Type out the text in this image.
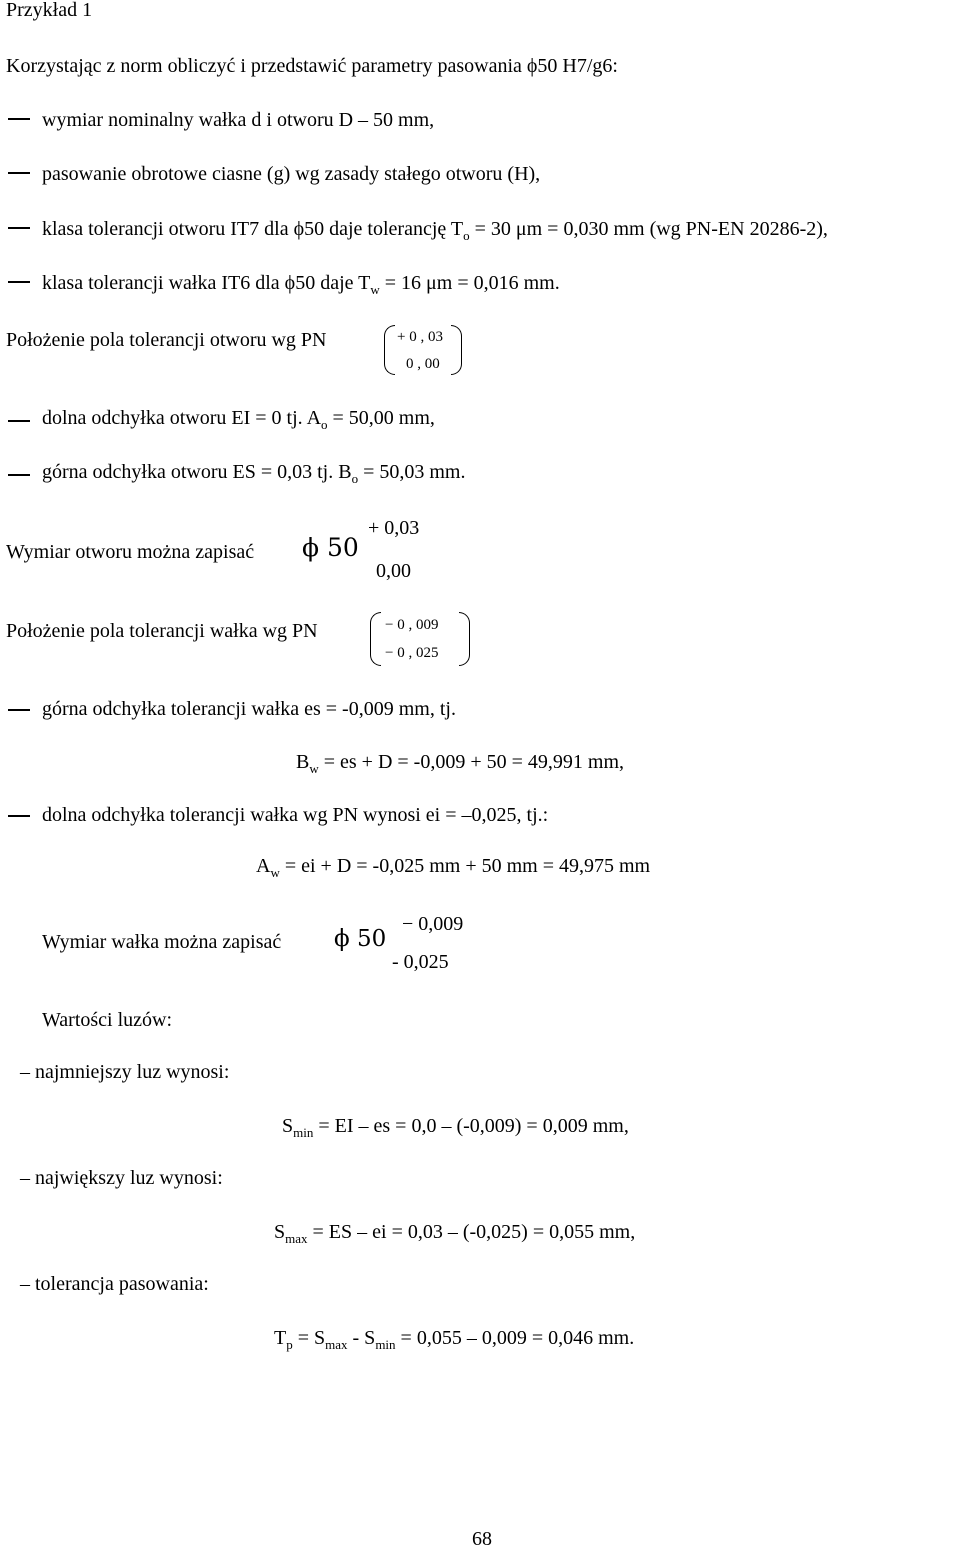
Przykład 1
Korzystając z norm obliczyć i przedstawić parametry pasowania ϕ50 H7/g6:
wymiar nominalny wałka d i otworu D – 50 mm,
pasowanie obrotowe ciasne (g) wg zasady stałego otworu (H),
klasa tolerancji otworu IT7 dla ϕ50 daje tolerancję $T_o = 30$ μm = 0,030 mm (wg PN-EN 20286-2),
klasa tolerancji wałka IT6 dla ϕ50 daje $T_w = 16$ μm = 0,016 mm.
Położenie pola tolerancji otworu wg PN	+ 0 , 03
0 , 00
dolna odchyłka otworu EI = 0 tj. $A_o = 50,00$ mm,
górna odchyłka otworu ES = 0,03 tj. $B_o = 50,03$ mm.
Wymiar otworu można zapisać ϕ 50
+ 0,03
0,00
Położenie pola tolerancji wałka wg PN	− 0 , 009
− 0 , 025
górna odchyłka tolerancji wałka es = -0,009 mm, tj.
$B_w$ = es + D = -0,009 + 50 = 49,991 mm,
dolna odchyłka tolerancji wałka wg PN wynosi ei = –0,025, tj.:
$A_w$ = ei + D = -0,025 mm + 50 mm = 49,975 mm
Wymiar wałka można zapisać ϕ 50
− 0,009
- 0,025
Wartości luzów:
– najmniejszy luz wynosi:
$S_{min}$ = EI – es = 0,0 – (-0,009) = 0,009 mm,
– największy luz wynosi:
$S_{max}$ = ES – ei = 0,03 – (-0,025) = 0,055 mm,
– tolerancja pasowania:
$T_p = S_{max} - S_{min} = 0,055 - 0,009 = 0,046$ mm.
68
